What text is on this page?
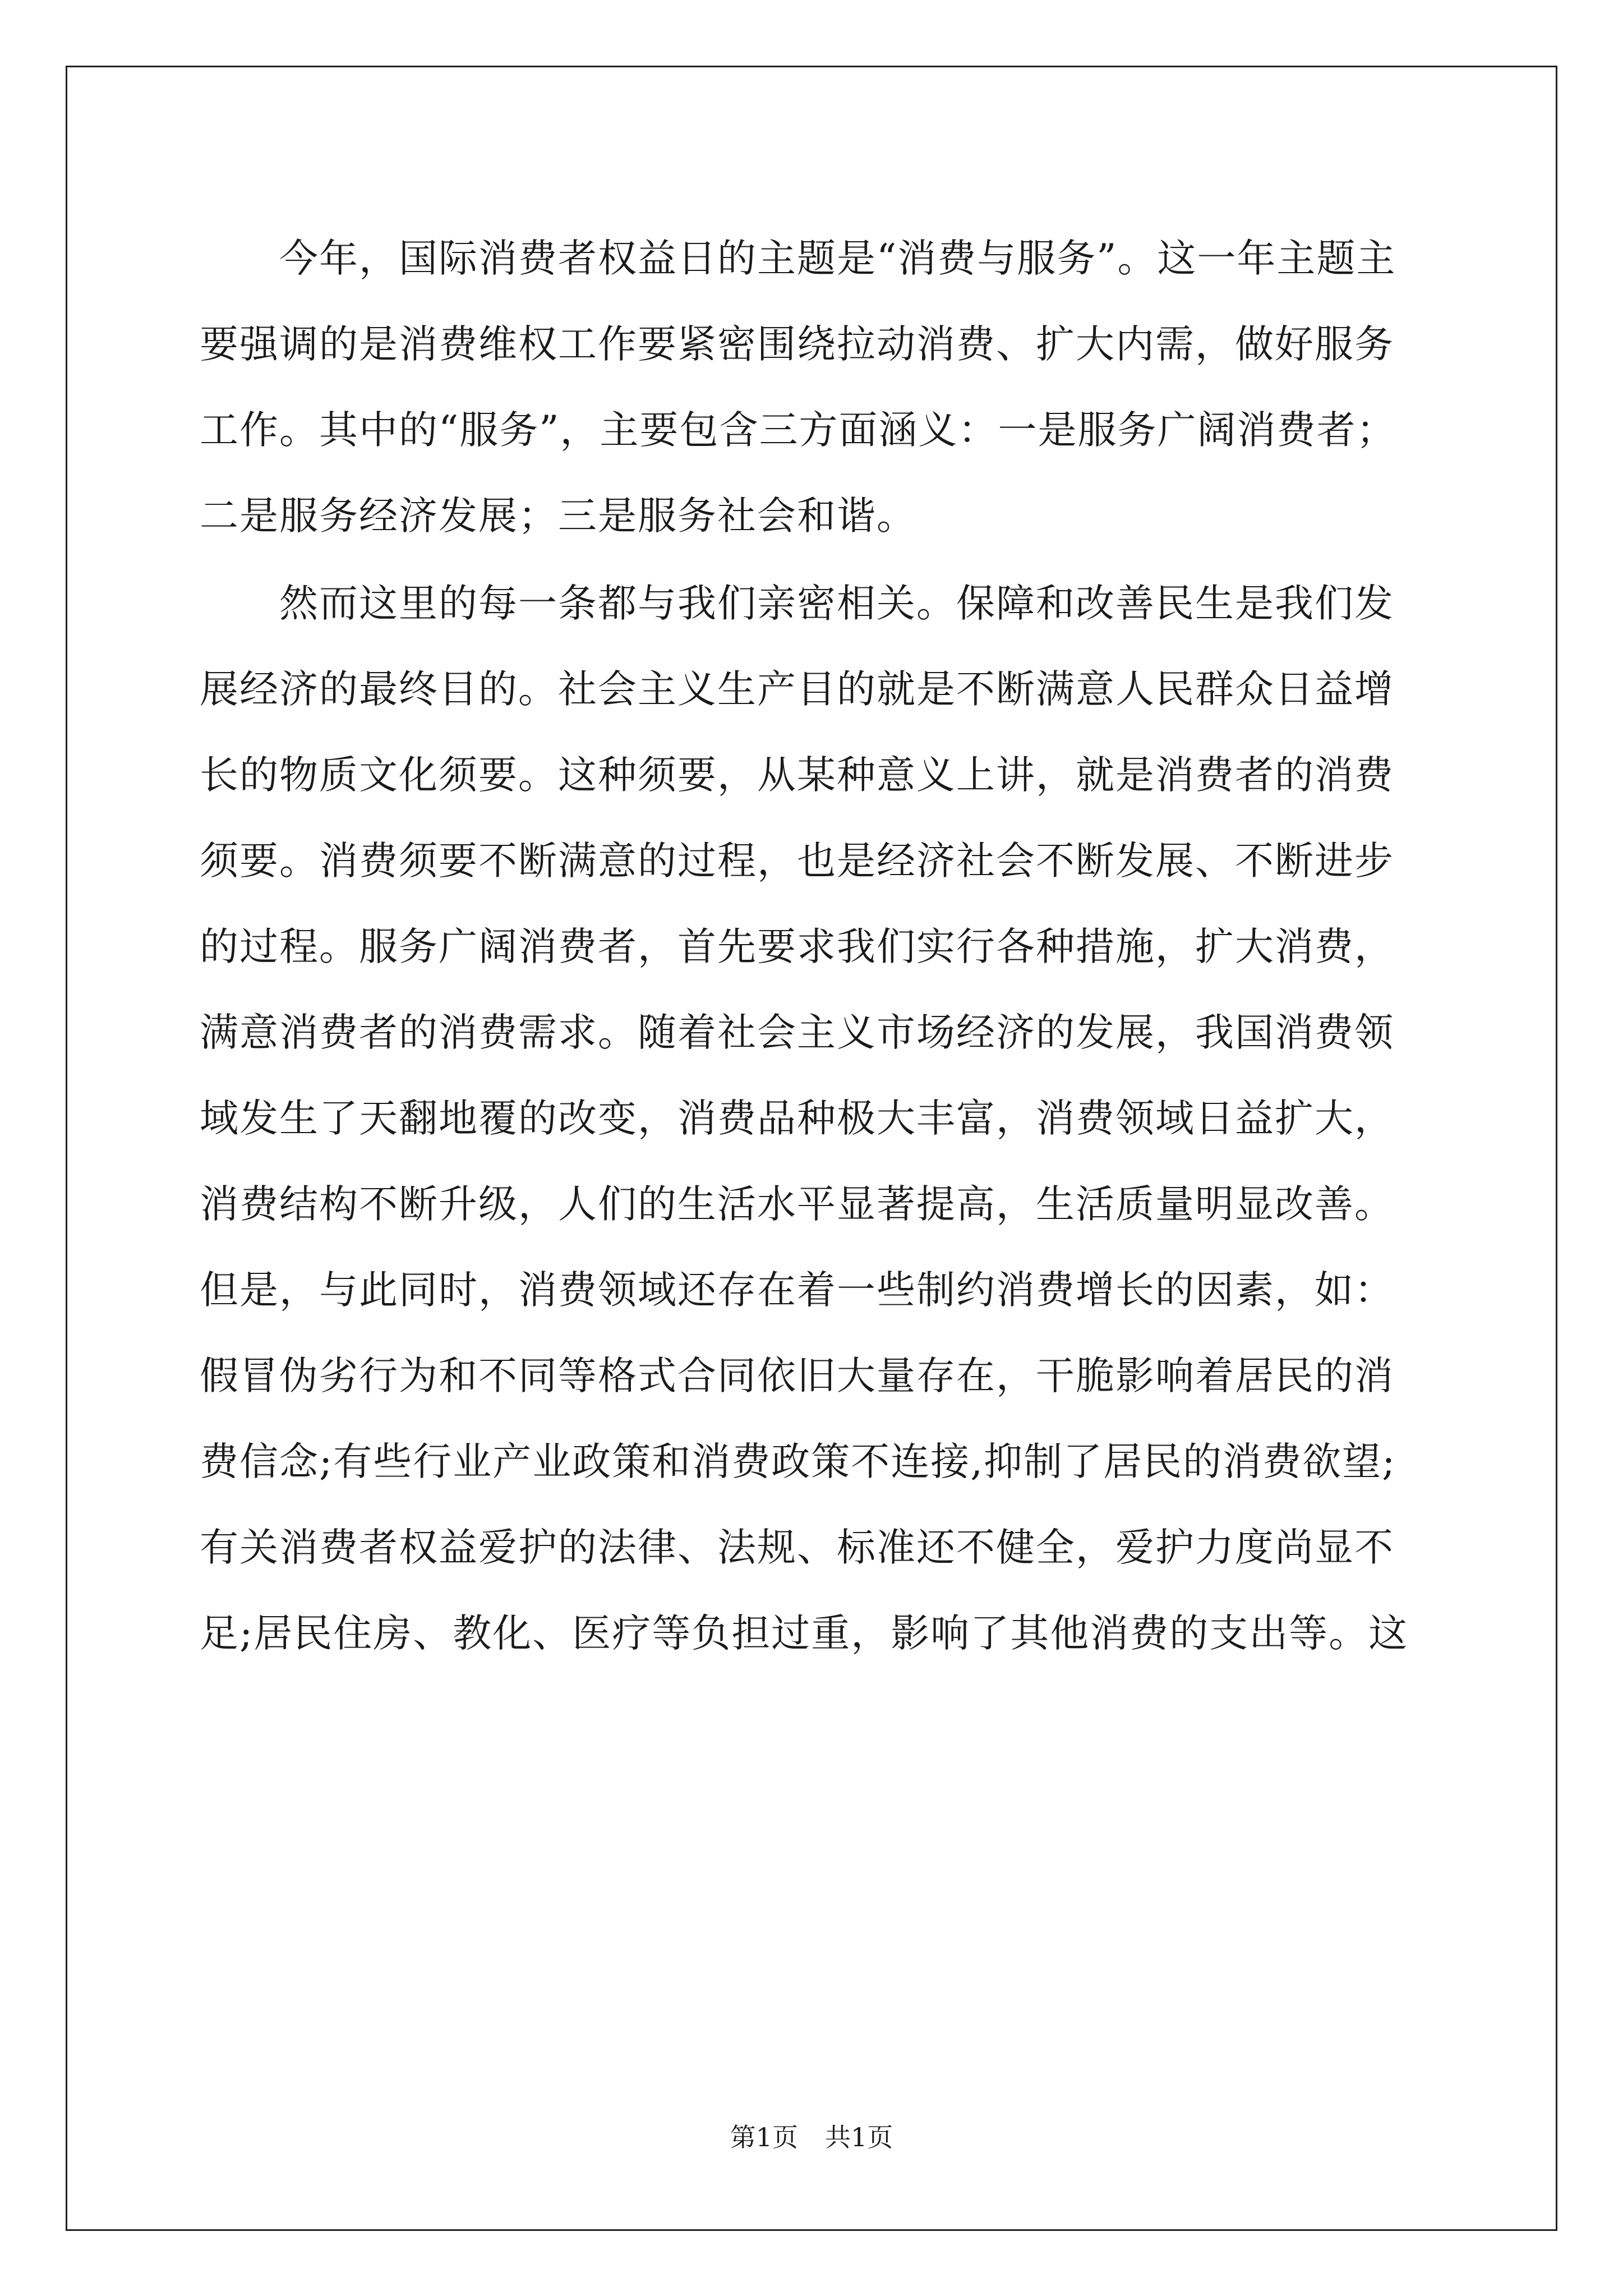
　　今年，国际消费者权益日的主题是“消费与服务”。这一年主题主
要强调的是消费维权工作要紧密围绕拉动消费、扩大内需，做好服务
工作。其中的“服务”，主要包含三方面涵义：一是服务广阔消费者；
二是服务经济发展；三是服务社会和谐。
　　然而这里的每一条都与我们亲密相关。保障和改善民生是我们发
展经济的最终目的。社会主义生产目的就是不断满意人民群众日益增
长的物质文化须要。这种须要，从某种意义上讲，就是消费者的消费
须要。消费须要不断满意的过程，也是经济社会不断发展、不断进步
的过程。服务广阔消费者，首先要求我们实行各种措施，扩大消费，
满意消费者的消费需求。随着社会主义市场经济的发展，我国消费领
域发生了天翻地覆的改变，消费品种极大丰富，消费领域日益扩大，
消费结构不断升级，人们的生活水平显著提高，生活质量明显改善。
但是，与此同时，消费领域还存在着一些制约消费增长的因素，如：
假冒伪劣行为和不同等格式合同依旧大量存在，干脆影响着居民的消
费信念;有些行业产业政策和消费政策不连接,抑制了居民的消费欲望;
有关消费者权益爱护的法律、法规、标准还不健全，爱护力度尚显不
足;居民住房、教化、医疗等负担过重，影响了其他消费的支出等。这
第1页 共1页
